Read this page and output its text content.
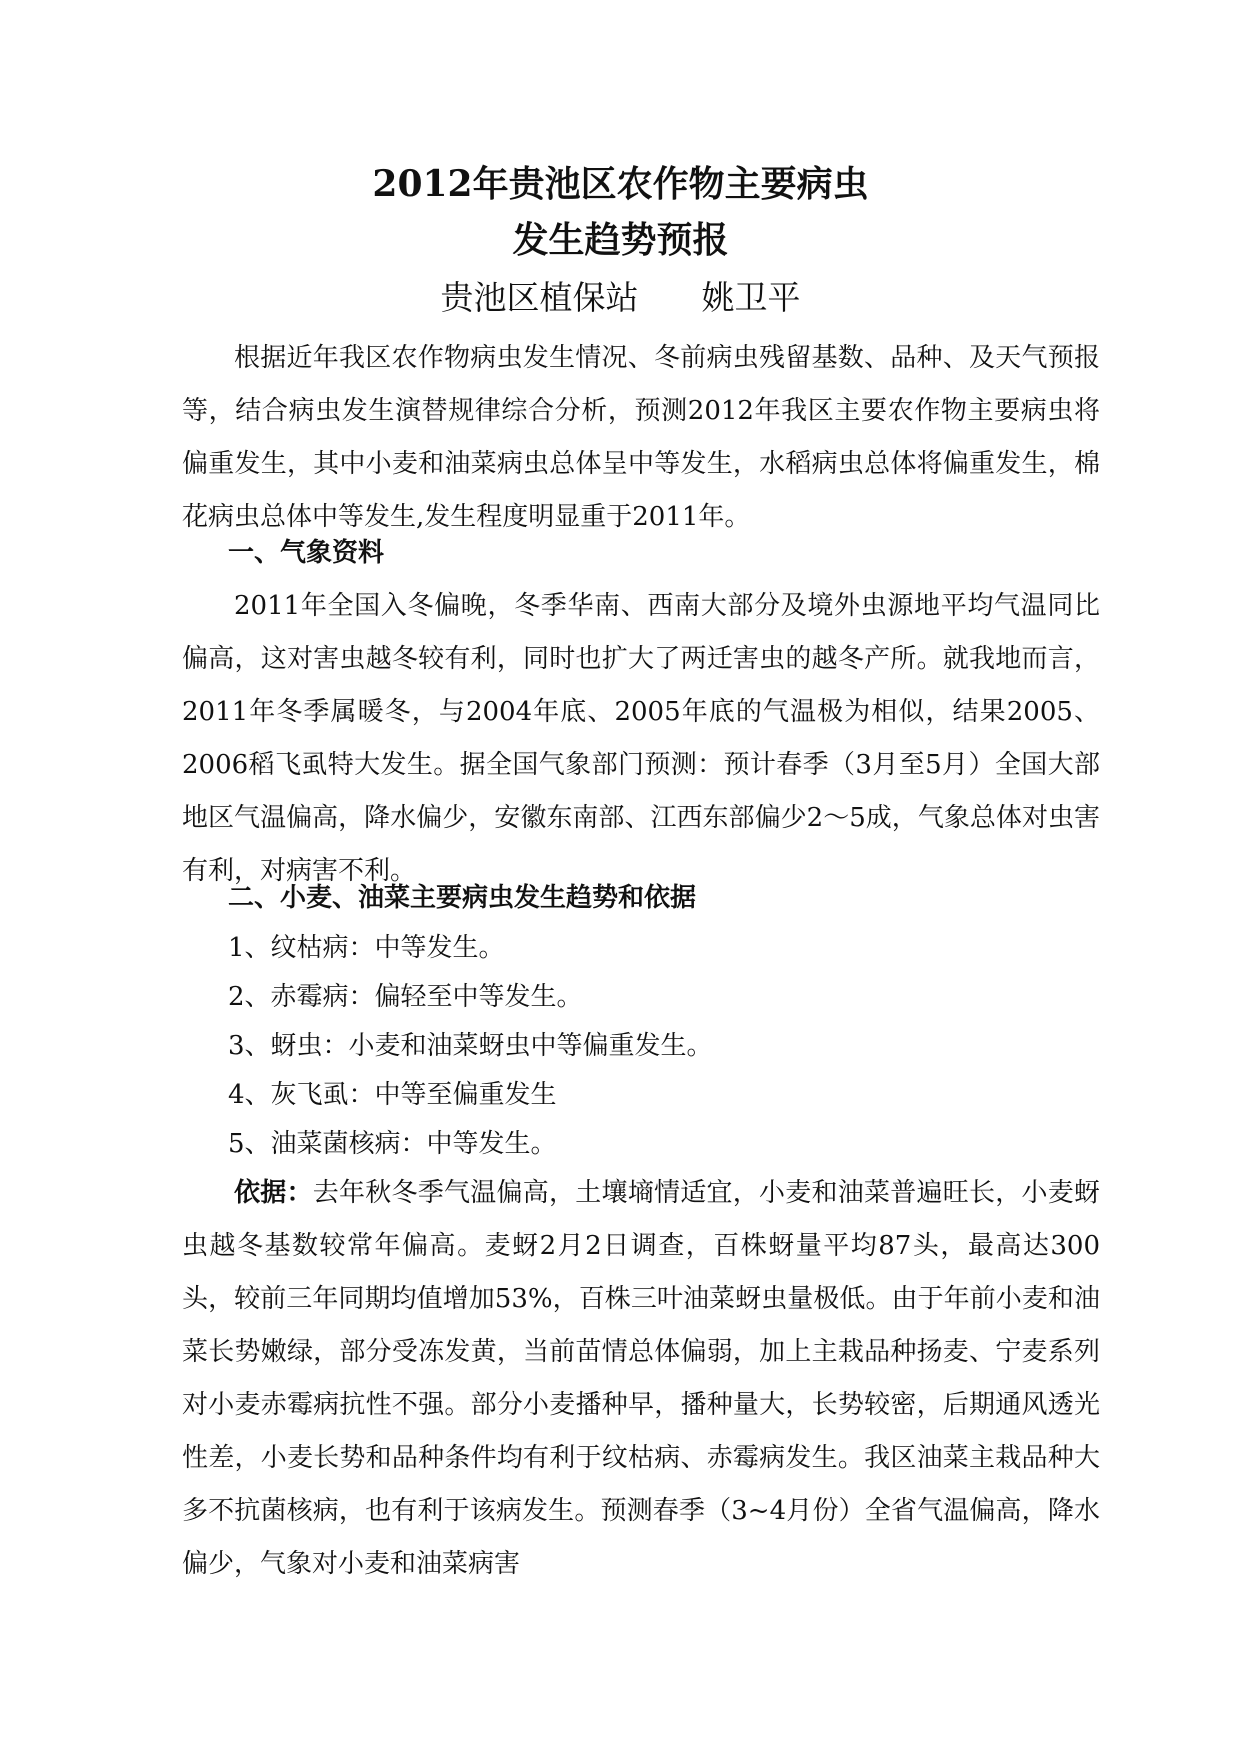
2012年贵池区农作物主要病虫
发生趋势预报
贵池区植保站      姚卫平

根据近年我区农作物病虫发生情况、冬前病虫残留基数、品种、及天气预报等，结合病虫发生演替规律综合分析，预测2012年我区主要农作物主要病虫将偏重发生，其中小麦和油菜病虫总体呈中等发生，水稻病虫总体将偏重发生，棉花病虫总体中等发生,发生程度明显重于2011年。

一、气象资料

2011年全国入冬偏晚，冬季华南、西南大部分及境外虫源地平均气温同比偏高，这对害虫越冬较有利，同时也扩大了两迁害虫的越冬产所。就我地而言，2011年冬季属暖冬，与2004年底、2005年底的气温极为相似，结果2005、2006稻飞虱特大发生。据全国气象部门预测：预计春季（3月至5月）全国大部地区气温偏高，降水偏少，安徽东南部、江西东部偏少2～5成，气象总体对虫害有利，对病害不利。

二、小麦、油菜主要病虫发生趋势和依据

1、纹枯病：中等发生。

2、赤霉病：偏轻至中等发生。

3、蚜虫：小麦和油菜蚜虫中等偏重发生。

4、灰飞虱：中等至偏重发生

5、油菜菌核病：中等发生。

依据：去年秋冬季气温偏高，土壤墒情适宜，小麦和油菜普遍旺长，小麦蚜虫越冬基数较常年偏高。麦蚜2月2日调查，百株蚜量平均87头，最高达300头，较前三年同期均值增加53%，百株三叶油菜蚜虫量极低。由于年前小麦和油菜长势嫩绿，部分受冻发黄，当前苗情总体偏弱，加上主栽品种扬麦、宁麦系列对小麦赤霉病抗性不强。部分小麦播种早，播种量大，长势较密，后期通风透光性差，小麦长势和品种条件均有利于纹枯病、赤霉病发生。我区油菜主栽品种大多不抗菌核病，也有利于该病发生。预测春季（3~4月份）全省气温偏高，降水偏少，气象对小麦和油菜病害
